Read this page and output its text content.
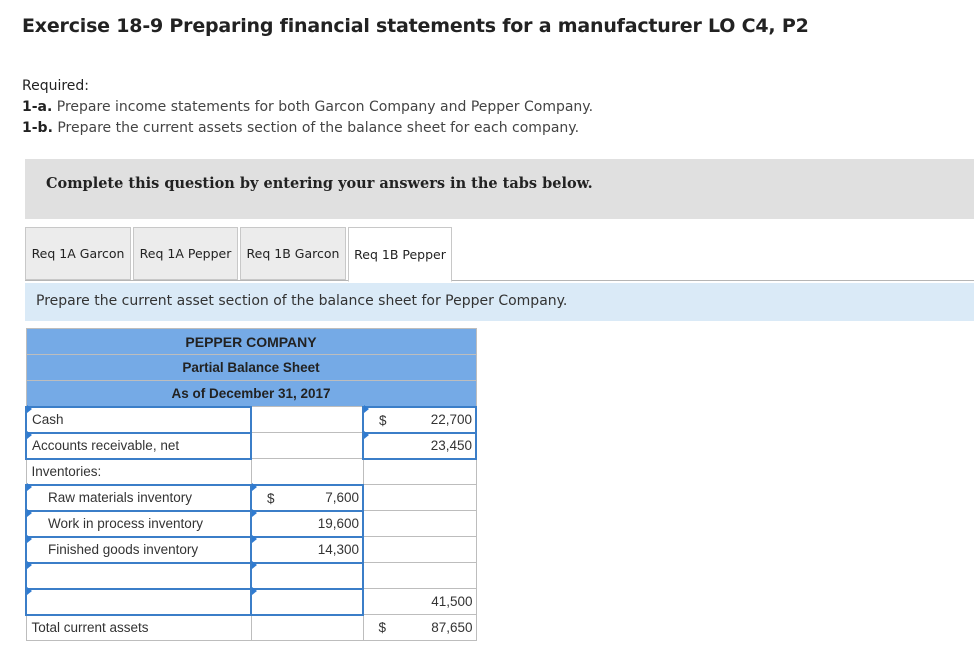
Exercise 18-9 Preparing financial statements for a manufacturer LO C4, P2
Required:
1-a. Prepare income statements for both Garcon Company and Pepper Company.
1-b. Prepare the current assets section of the balance sheet for each company.
Complete this question by entering your answers in the tabs below.
Req 1A Garcon	Req 1A Pepper	Req 1B Garcon	Req 1B Pepper
Prepare the current asset section of the balance sheet for Pepper Company.
PEPPER COMPANY		
Partial Balance Sheet		
As of December 31, 2017		
Cash		$ 22,700
Accounts receivable, net		23,450
Inventories:		
Raw materials inventory	$ 7,600	
Work in process inventory	19,600	
Finished goods inventory	14,300	

		41,500
Total current assets		$ 87,650
